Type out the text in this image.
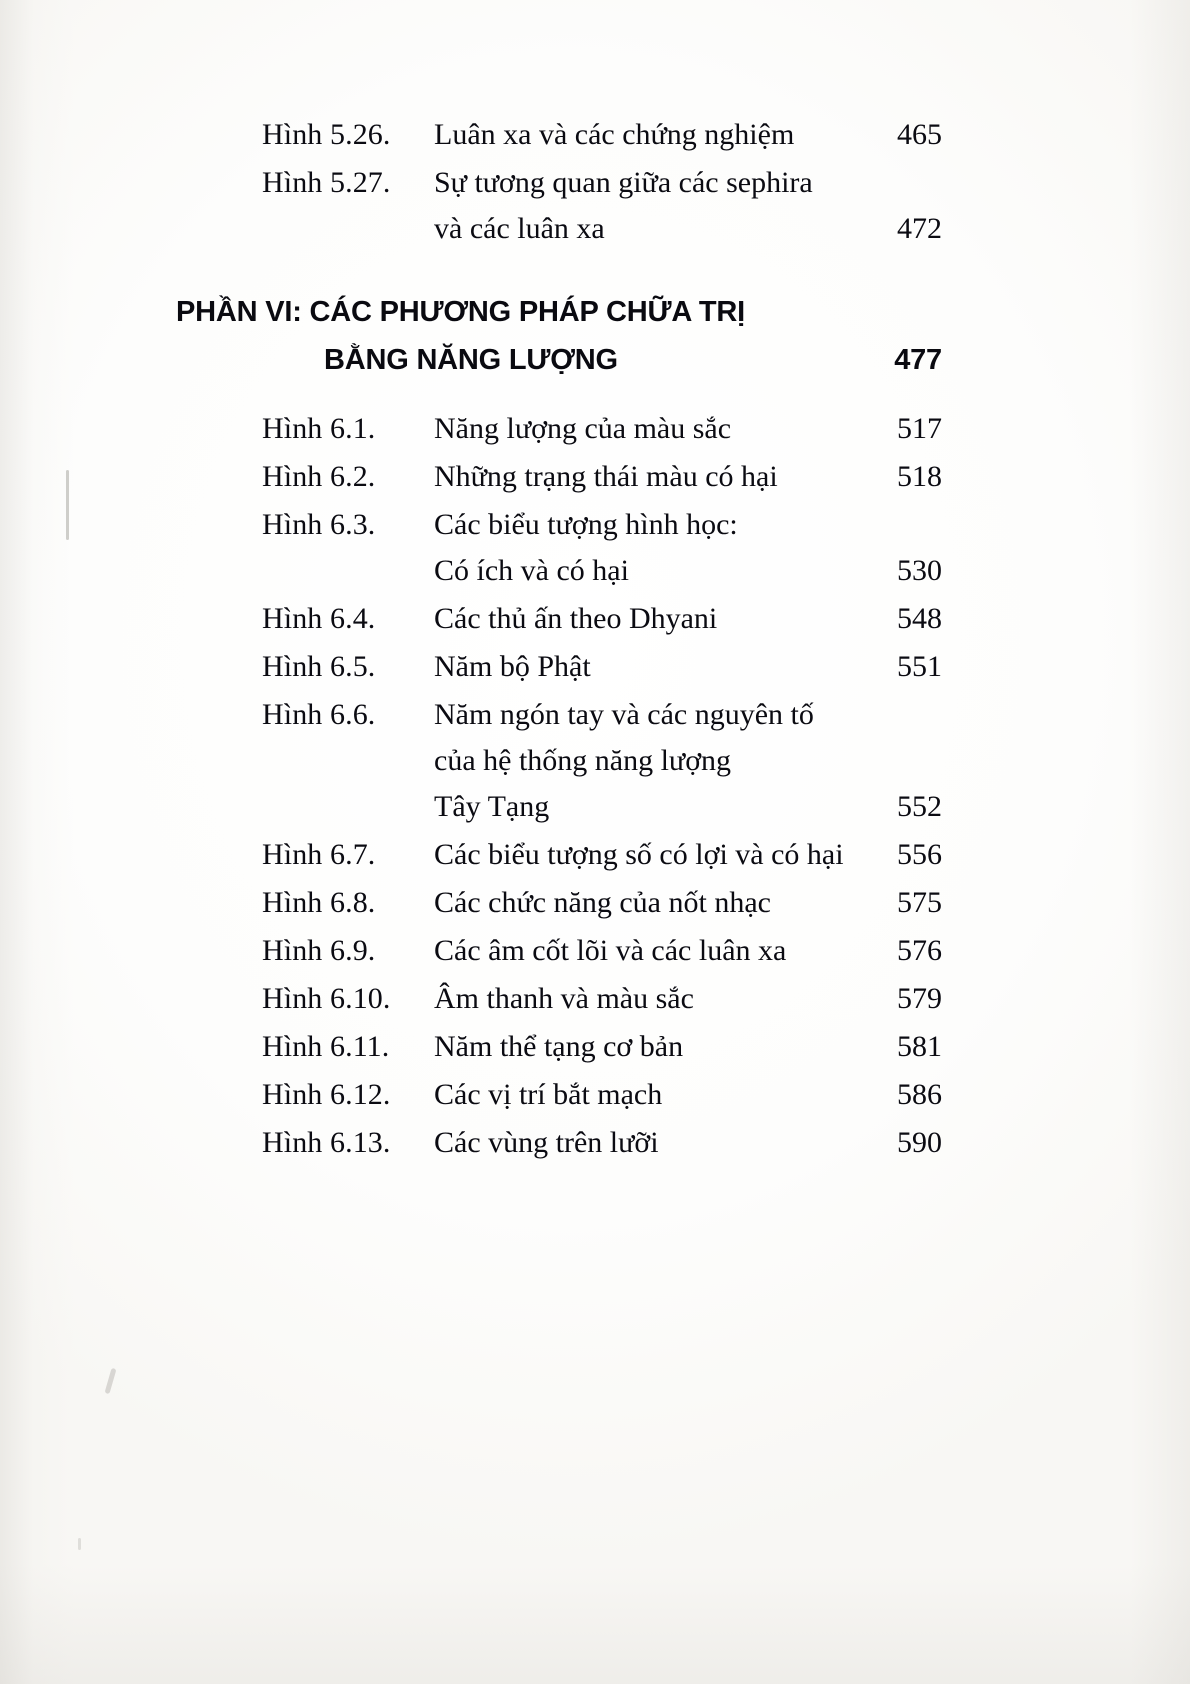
Hình 5.26.	Luân xa và các chứng nghiệm	465
Hình 5.27.	Sự tương quan giữa các sephira
và các luân xa	472
PHẦN VI: CÁC PHƯƠNG PHÁP CHỮA TRỊ
BẰNG NĂNG LƯỢNG	477
Hình 6.1.	Năng lượng của màu sắc	517
Hình 6.2.	Những trạng thái màu có hại	518
Hình 6.3.	Các biểu tượng hình học:
Có ích và có hại	530
Hình 6.4.	Các thủ ấn theo Dhyani	548
Hình 6.5.	Năm bộ Phật	551
Hình 6.6.	Năm ngón tay và các nguyên tố
của hệ thống năng lượng
Tây Tạng	552
Hình 6.7.	Các biểu tượng số có lợi và có hại	556
Hình 6.8.	Các chức năng của nốt nhạc	575
Hình 6.9.	Các âm cốt lõi và các luân xa	576
Hình 6.10.	Âm thanh và màu sắc	579
Hình 6.11.	Năm thể tạng cơ bản	581
Hình 6.12.	Các vị trí bắt mạch	586
Hình 6.13.	Các vùng trên lưỡi	590
